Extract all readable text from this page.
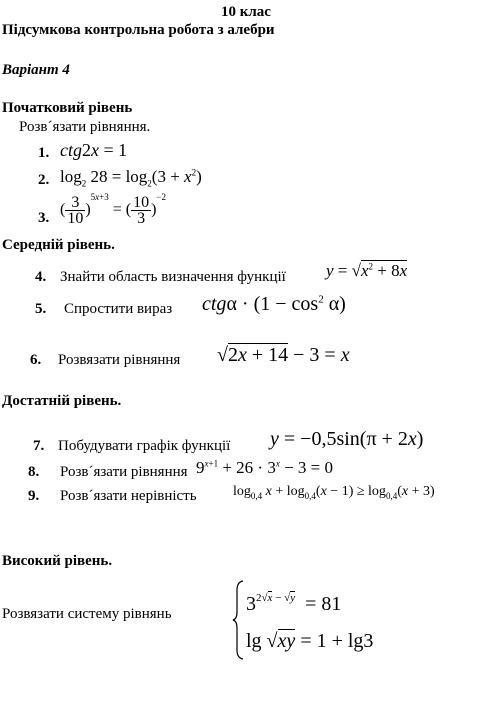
10 клас
Підсумкова контрольна робота з алебри
Варіант 4
Початковий рівень
Розв´язати рівняння.
1. ctg2x = 1
2. $\log_2 28 = \log_2(3 + x^2)$
3. ( $\frac{3}{10} )^{5x+3}$ = ( $\frac{10}{3} )^{-2}$
Середній рівень.
4. Знайти область визначення функції $y = √x^2 + 8x$
5. Спростити вираз $ctg\alpha \cdot (1 - \cos^2 \alpha)$
6. Розвязати рівняння √2x + 14 − 3 = x
Достатній рівень.
7. Побудувати графік функції y = −0,5sin(π + 2x)
8. Розв´язати рівняння $9^{x+1} + 26 \cdot 3^x - 3 = 0$
9. Розв´язати нерівність	$\log_{0,4} x + \log_{0,4}(x - 1) \ge \log_{0,4}(x + 3)$
Високий рівень.
Розвязати систему рівнянь	$3^{2√x - √y} = 81$
lg √xy = 1 + lg3
